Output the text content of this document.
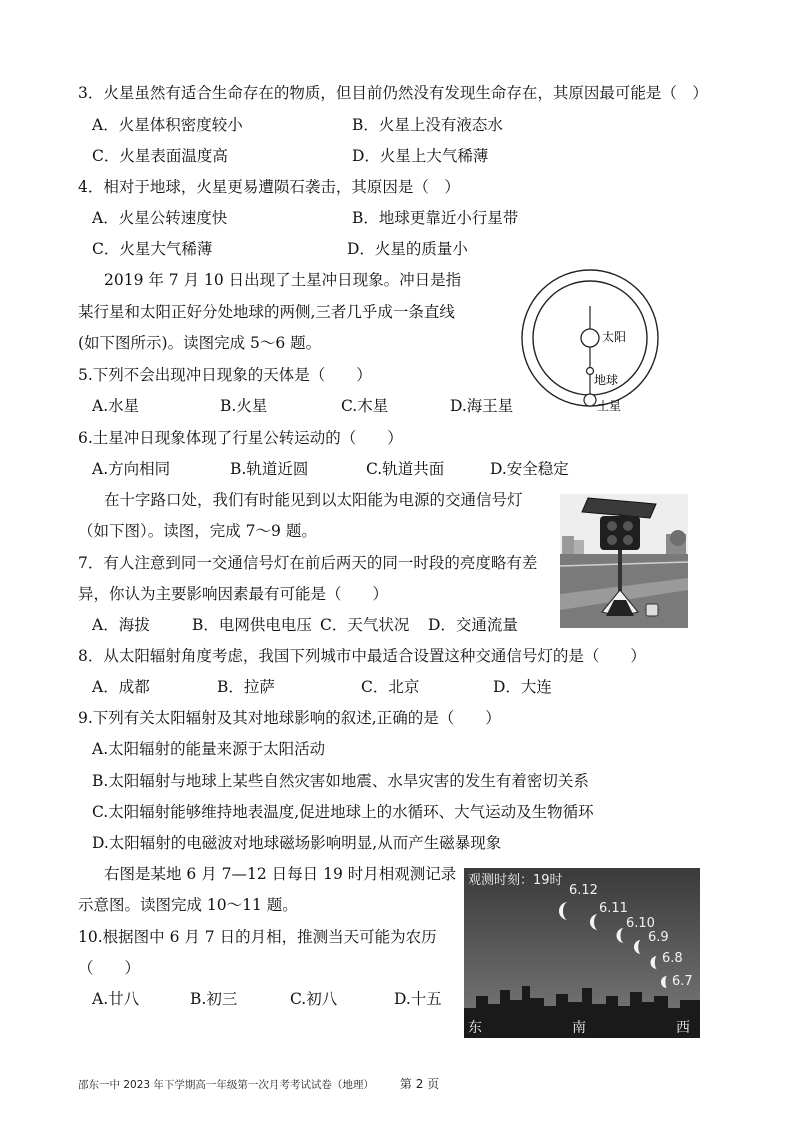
3．火星虽然有适合生命存在的物质，但目前仍然没有发现生命存在，其原因最可能是（　）
A．火星体积密度较小	B．火星上没有液态水
C．火星表面温度高	D．火星上大气稀薄
4．相对于地球，火星更易遭陨石袭击，其原因是（　）
A．火星公转速度快	B．地球更靠近小行星带
C．火星大气稀薄	D．火星的质量小
2019 年 7 月 10 日出现了土星冲日现象。冲日是指
某行星和太阳正好分处地球的两侧,三者几乎成一条直线
(如下图所示)。读图完成 5～6 题。	太阳
地球
土星
5.下列不会出现冲日现象的天体是（　　）
A.水星	B.火星	C.木星	D.海王星
6.土星冲日现象体现了行星公转运动的（　　）
A.方向相同	B.轨道近圆	C.轨道共面	D.安全稳定
在十字路口处，我们有时能见到以太阳能为电源的交通信号灯
（如下图）。读图，完成 7～9 题。
7．有人注意到同一交通信号灯在前后两天的同一时段的亮度略有差
异，你认为主要影响因素最有可能是（　　）
A．海拔	B．电网供电电压 C．天气状况 D．交通流量
8．从太阳辐射角度考虑，我国下列城市中最适合设置这种交通信号灯的是（　　）
A．成都	B．拉萨	C．北京	D．大连
9.下列有关太阳辐射及其对地球影响的叙述,正确的是（　　）
A.太阳辐射的能量来源于太阳活动
B.太阳辐射与地球上某些自然灾害如地震、水旱灾害的发生有着密切关系
C.太阳辐射能够维持地表温度,促进地球上的水循环、大气运动及生物循环
D.太阳辐射的电磁波对地球磁场影响明显,从而产生磁暴现象
右图是某地 6 月 7—12 日每日 19 时月相观测记录
示意图。读图完成 10～11 题。
10.根据图中 6 月 7 日的月相，推测当天可能为农历
（　　）
A.廿八	B.初三	C.初八	D.十五
观测时刻：19时
6.12
6.11
6.10
6.9
6.8
6.7
东	南	西
邵东一中 2023 年下学期高一年级第一次月考考试试卷（地理） 第 2 页
